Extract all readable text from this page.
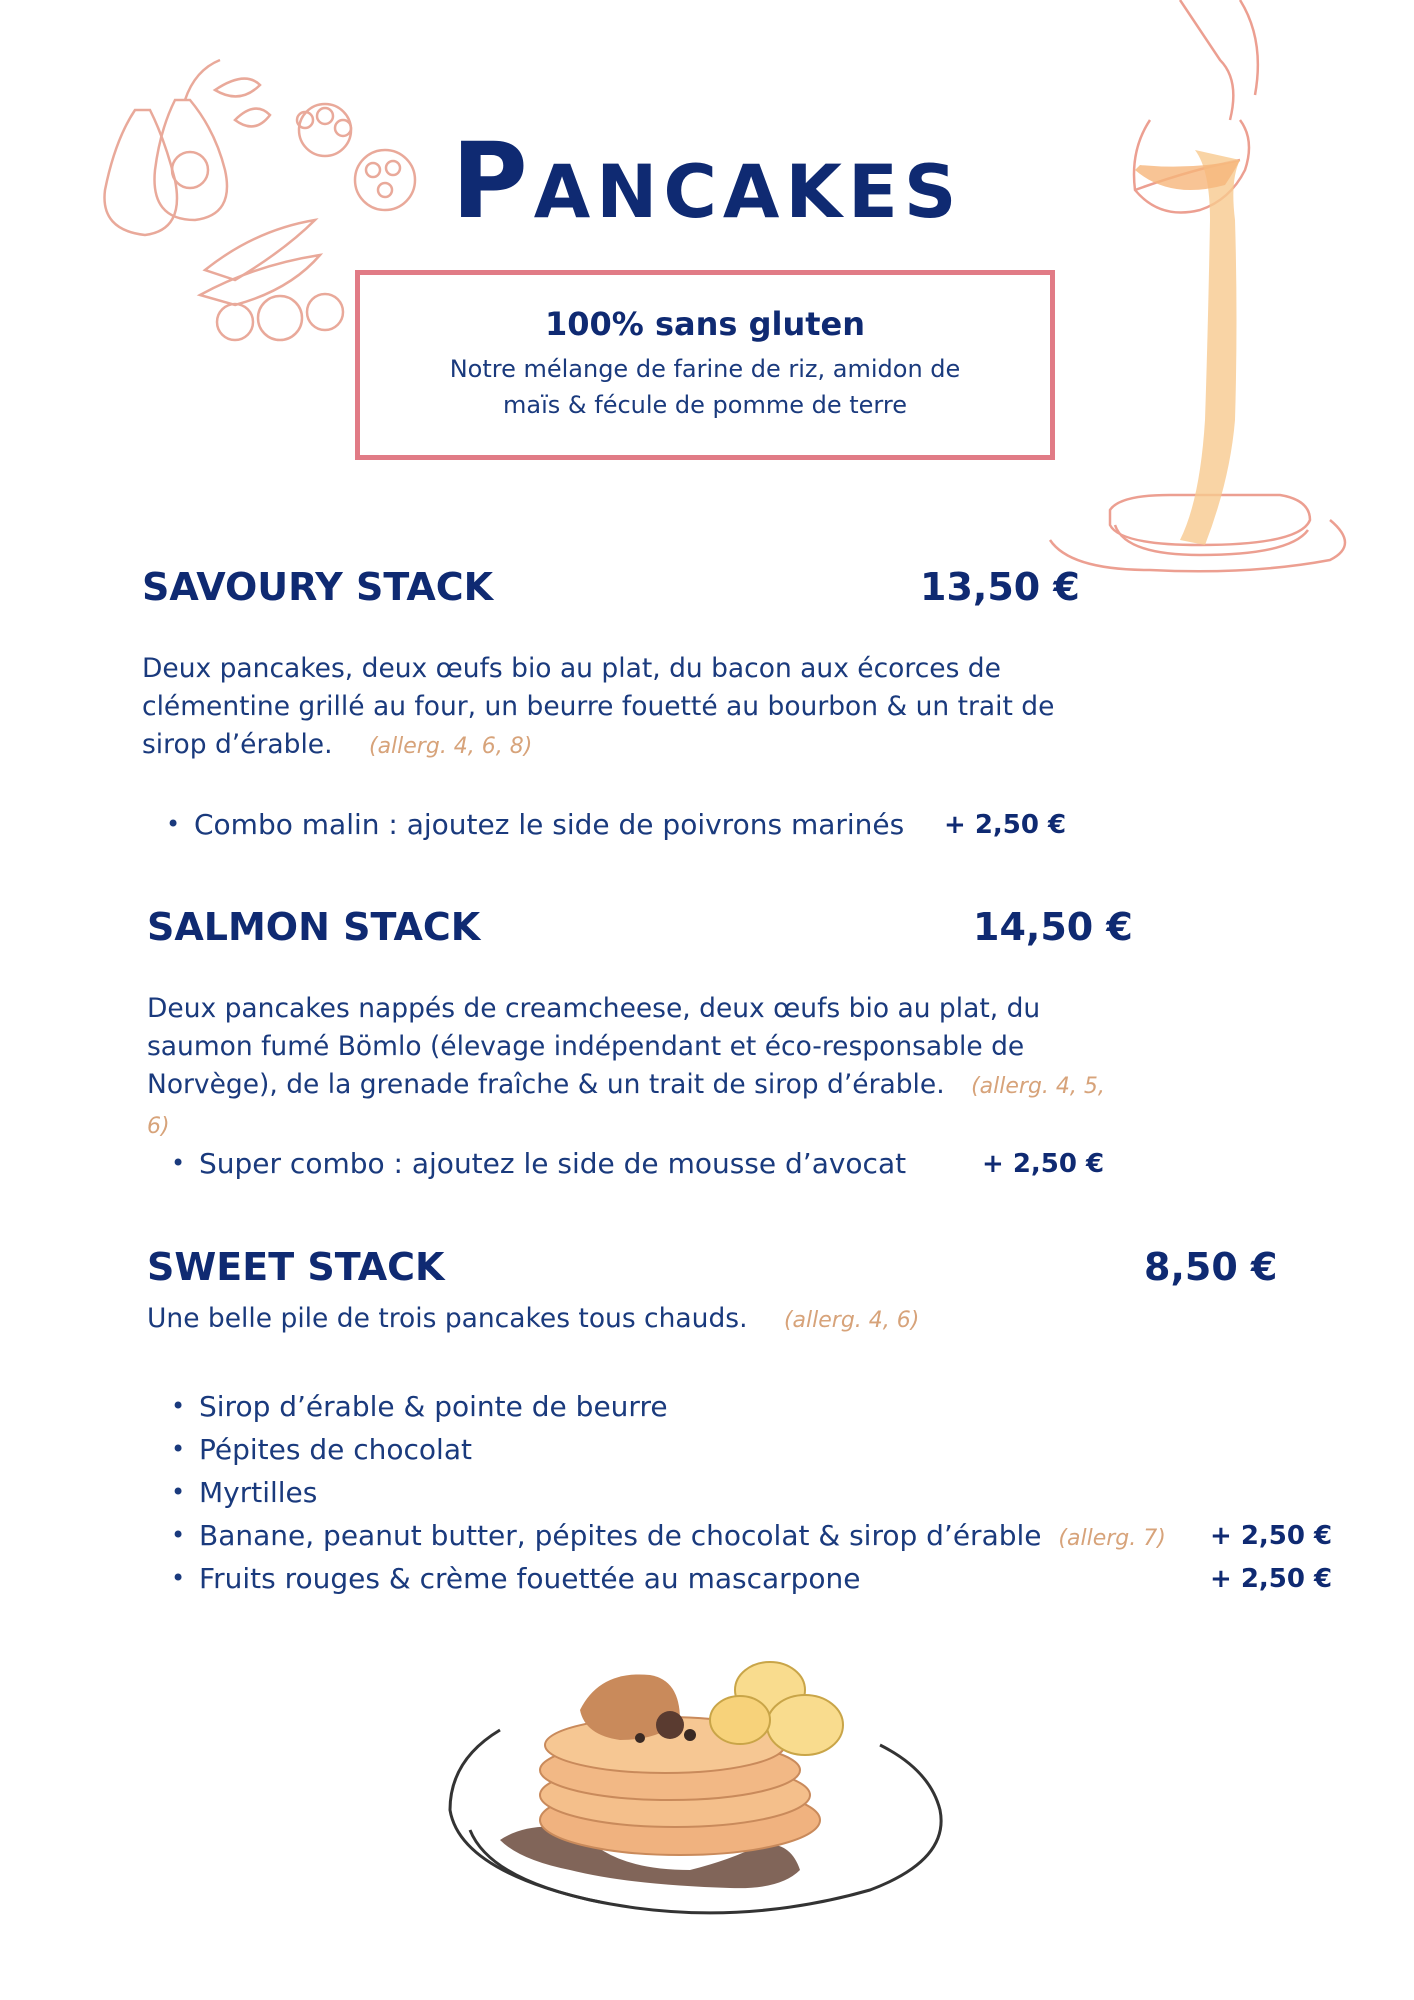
Pancakes
100% sans gluten
Notre mélange de farine de riz, amidon de maïs & fécule de pomme de terre
SAVOURY STACK	13,50 €
Deux pancakes, deux œufs bio au plat, du bacon aux écorces de clémentine grillé au four, un beurre fouetté au bourbon & un trait de sirop d’érable. (allerg. 4, 6, 8)
• Combo malin : ajoutez le side de poivrons marinés + 2,50 €
SALMON STACK	14,50 €
Deux pancakes nappés de creamcheese, deux œufs bio au plat, du saumon fumé Bömlo (élevage indépendant et éco-responsable de Norvège), de la grenade fraîche & un trait de sirop d’érable. (allerg. 4, 5, 6)
• Super combo : ajoutez le side de mousse d’avocat	+ 2,50 €
SWEET STACK	8,50 €
Une belle pile de trois pancakes tous chauds. (allerg. 4, 6)
• Sirop d’érable & pointe de beurre
• Pépites de chocolat
• Myrtilles
• Banane, peanut butter, pépites de chocolat & sirop d’érable (allerg. 7) + 2,50 €
• Fruits rouges & crème fouettée au mascarpone	+ 2,50 €
